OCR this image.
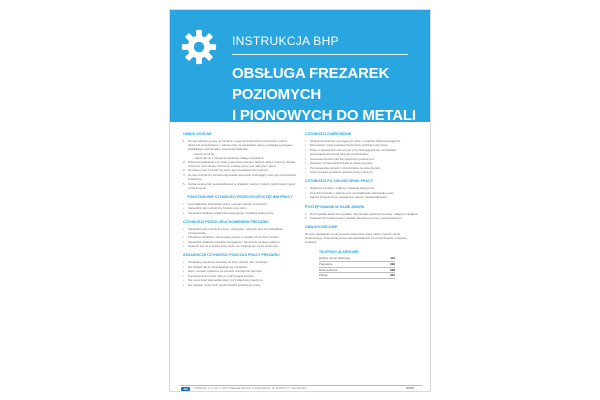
INSTRUKCJA BHP
OBSŁUGA FREZAREK POZIOMYCH
I PIONOWYCH DO METALI
UWAGI OGÓLNE
1. Do samodzielnej pracy na frezarce mogą być dopuszczeni pracownicy, którzy: ukończyli przeszkolenie z zakresu bhp na stanowisku pracy, posiadają wymagane kwalifikacje oraz aktualne orzeczenie lekarskie.
– ukończyli 18 lat,
– zapoznali się z niniejszą instrukcją obsługi urządzenia.
2. Przed przystąpieniem do pracy pracownik powinien założyć odzież roboczą, obuwie ochronne oraz okulary ochronne, a włosy ukryć pod nakryciem głowy.
3. W czasie pracy frezarki nie wolno jej pozostawiać bez nadzoru.
4. Za stan techniczny frezarki odpowiada pracownik obsługujący oraz jego bezpośredni przełożony.
5. Każdą usterkę lub nieprawidłowość w działaniu maszyny należy natychmiast zgłosić przełożonemu.
PODSTAWOWE CZYNNOŚCI PRZED ROZPOCZĘCIEM PRACY
• Uporządkować stanowisko pracy i usunąć zbędne przedmioty.
• Sprawdzić stan techniczny frezarki oraz osłon.
• Sprawdzić działanie wyłącznika awaryjnego i instalacji elektrycznej.
CZYNNOŚCI PRZED URUCHOMIENIEM FREZARKI
• Sprawdzić stan techniczny frezu, uchwytów i narzędzi oraz ich prawidłowe zamocowanie.
• Przedmiot obrabiany zamocować pewnie w imadle lub na stole frezarki.
• Sprawdzić działanie urządzeń sterujących i hamulców na biegu jałowym.
• Upewnić się, że w strefie pracy frezu nie znajdują się osoby postronne.
ZASADNICZE CZYNNOŚCI PODCZAS PRACY FREZARKI
• Obrabiany przedmiot dosuwać do frezu płynnie, bez szarpnięć.
• Nie zbliżać rąk do obracającego się narzędzia.
• Wióry usuwać wyłącznie za pomocą szczotki lub haczyka.
• Pomiarów dokonywać tylko po zatrzymaniu frezarki.
• Nie opuszczać stanowiska pracy przy włączonej maszynie.
• Nie dotykać ruchomych części frezarki podczas jej pracy.
CZYNNOŚCI ZABRONIONE
• Obsługi frezarki bez wymaganych osłon i urządzeń zabezpieczających.
• Mocowania i zdejmowania przedmiotów podczas ruchu frezu.
• Pracy w rękawicach ochronnych przy obracających się narzędziach.
• Hamowania wrzeciona ręką lub przedmiotami.
• Usuwania wiórów ręką lub sprężonym powietrzem.
• Naprawy i konserwacji frezarki w czasie jej pracy.
• Pozostawiania narzędzi i przedmiotów na stole frezarki.
• Wykonywania pomiarów podczas pracy maszyny.
CZYNNOŚCI PO ZAKOŃCZENIU PRACY
• Wyłączyć frezarkę i odłączyć zasilanie elektryczne.
• Oczyścić frezarkę z wiórów oraz uporządkować stanowisko pracy.
• Zgłosić przełożonemu zauważone usterki i nieprawidłowości.
POSTĘPOWANIE W RAZIE AWARII
1. W przypadku awarii lub wypadku natychmiast wyłączyć frezarkę i odłączyć zasilanie.
2. Powiadomić przełożonego i udzielić pierwszej pomocy poszkodowanym.
UWAGI KOŃCOWE
W razie wątpliwości co do sposobu wykonania pracy należy zwrócić się do przełożonego. Pracownik ponosi odpowiedzialność za przestrzeganie niniejszej instrukcji.
TELEFONY ALARMOWE:
Ogólny numer alarmowy	112
Pogotowie	999
Straż pożarna	998
Policja	997
AD	© ADV24 Sp. z o.o. Sp. k. • 40-177 Dąbrowa Górnicza, ul. Kasprzaka 22 • tel. 32 264 27 77 • www.adv24.pl	BHP01
